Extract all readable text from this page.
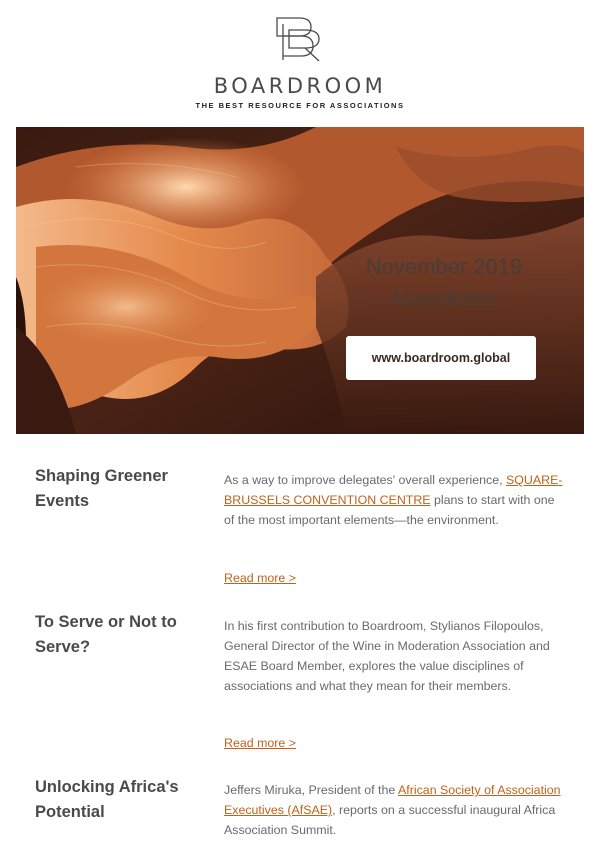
BOARDROOM
THE BEST RESOURCE FOR ASSOCIATIONS
November 2019
Newsletter
www.boardroom.global
Shaping Greener Events
As a way to improve delegates' overall experience, SQUARE-BRUSSELS CONVENTION CENTRE plans to start with one of the most important elements—the environment.
Read more >
To Serve or Not to Serve?
In his first contribution to Boardroom, Stylianos Filopoulos, General Director of the Wine in Moderation Association and ESAE Board Member, explores the value disciplines of associations and what they mean for their members.
Read more >
Unlocking Africa's Potential
Jeffers Miruka, President of the African Society of Association Executives (AfSAE), reports on a successful inaugural Africa Association Summit.
